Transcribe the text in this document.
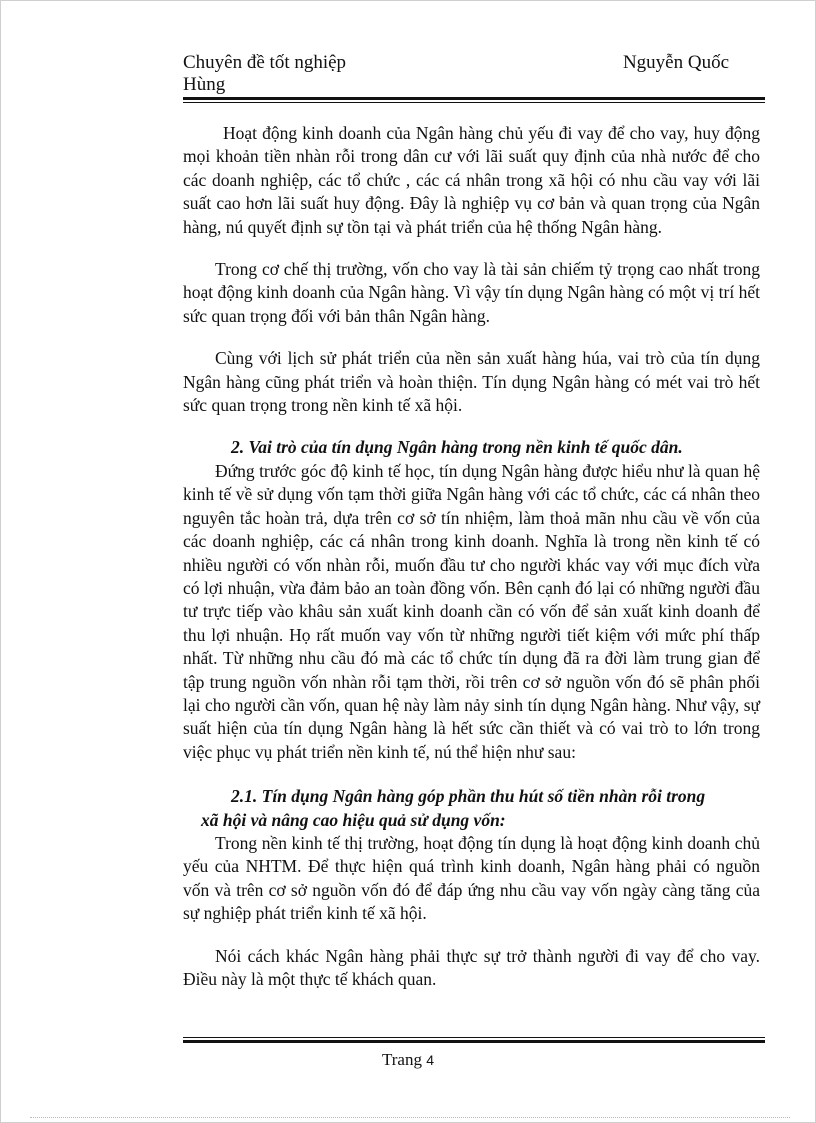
Chuyên đề tốt nghiệp	Nguyễn Quốc
Hùng

Hoạt động kinh doanh của Ngân hàng chủ yếu đi vay để cho vay, huy động mọi khoản tiền nhàn rỗi trong dân cư với lãi suất quy định của nhà nước để cho các doanh nghiệp, các tổ chức , các cá nhân trong xã hội có nhu cầu vay với lãi suất cao hơn lãi suất huy động. Đây là nghiệp vụ cơ bản và quan trọng của Ngân hàng, nú quyết định sự tồn tại và phát triển của hệ thống Ngân hàng.

Trong cơ chế thị trường, vốn cho vay là tài sản chiếm tỷ trọng cao nhất trong hoạt động kinh doanh của Ngân hàng. Vì vậy tín dụng Ngân hàng có một vị trí hết sức quan trọng đối với bản thân Ngân hàng.

Cùng với lịch sử phát triển của nền sản xuất hàng húa, vai trò của tín dụng Ngân hàng cũng phát triển và hoàn thiện. Tín dụng Ngân hàng có mét vai trò hết sức quan trọng trong nền kinh tế xã hội.

2. Vai trò của tín dụng Ngân hàng trong nền kinh tế quốc dân.

Đứng trước góc độ kinh tế học, tín dụng Ngân hàng được hiểu như là quan hệ kinh tế về sử dụng vốn tạm thời giữa Ngân hàng với các tổ chức, các cá nhân theo nguyên tắc hoàn trả, dựa trên cơ sở tín nhiệm, làm thoả mãn nhu cầu về vốn của các doanh nghiệp, các cá nhân trong kinh doanh. Nghĩa là trong nền kinh tế có nhiều người có vốn nhàn rỗi, muốn đầu tư cho người khác vay với mục đích vừa có lợi nhuận, vừa đảm bảo an toàn đồng vốn. Bên cạnh đó lại có những người đầu tư trực tiếp vào khâu sản xuất kinh doanh cần có vốn để sản xuất kinh doanh để thu lợi nhuận. Họ rất muốn vay vốn từ những người tiết kiệm với mức phí thấp nhất. Từ những nhu cầu đó mà các tổ chức tín dụng đã ra đời làm trung gian để tập trung nguồn vốn nhàn rỗi tạm thời, rồi trên cơ sở nguồn vốn đó sẽ phân phối lại cho người cần vốn, quan hệ này làm nảy sinh tín dụng Ngân hàng. Như vậy, sự suất hiện của tín dụng Ngân hàng là hết sức cần thiết và có vai trò to lớn trong việc phục vụ phát triển nền kinh tế, nú thể hiện như sau:

2.1. Tín dụng Ngân hàng góp phần thu hút số tiền nhàn rỗi trong

xã hội và nâng cao hiệu quả sử dụng vốn:

Trong nền kinh tế thị trường, hoạt động tín dụng là hoạt động kinh doanh chủ yếu của NHTM. Để thực hiện quá trình kinh doanh, Ngân hàng phải có nguồn vốn và trên cơ sở nguồn vốn đó để đáp ứng nhu cầu vay vốn ngày càng tăng của sự nghiệp phát triển kinh tế xã hội.

Nói cách khác Ngân hàng phải thực sự trở thành người đi vay để cho vay. Điều này là một thực tế khách quan.

Trang 4
